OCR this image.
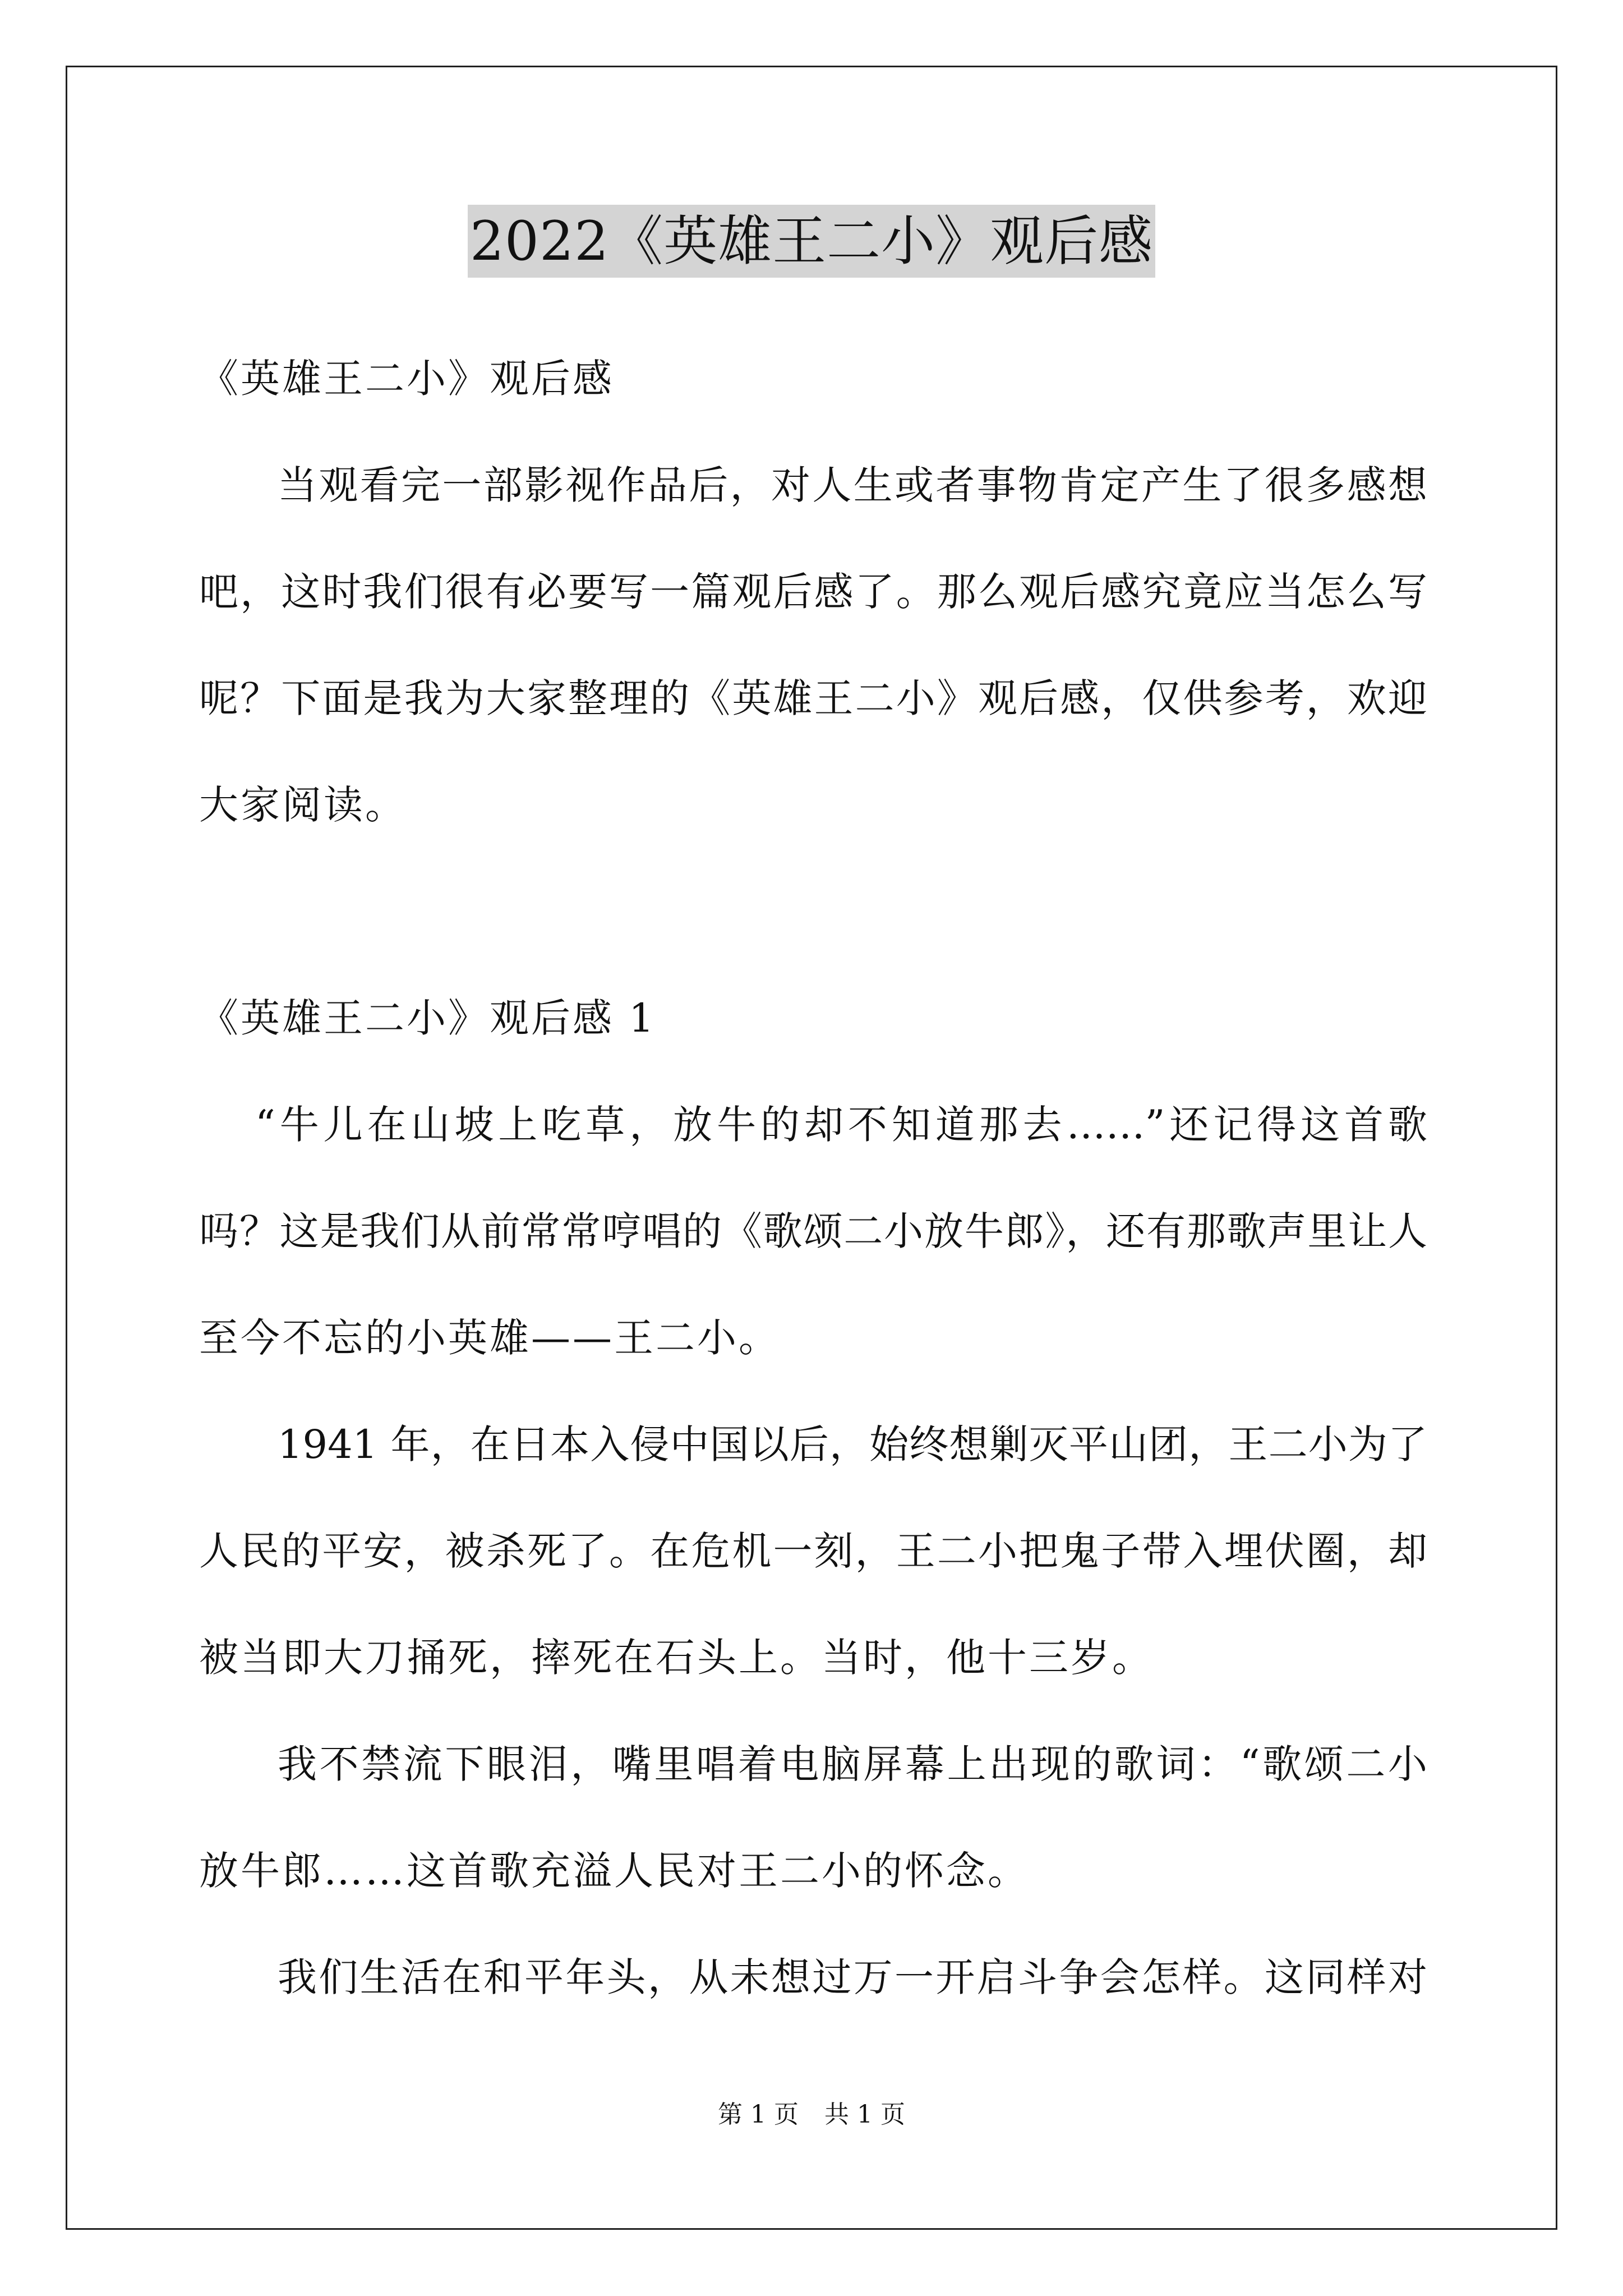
2022《英雄王二小》观后感
《英雄王二小》观后感
当观看完一部影视作品后，对人生或者事物肯定产生了很多感想
吧，这时我们很有必要写一篇观后感了。那么观后感究竟应当怎么写
呢？下面是我为大家整理的《英雄王二小》观后感，仅供参考，欢迎
大家阅读。
《英雄王二小》观后感 1
“牛儿在山坡上吃草，放牛的却不知道那去……”还记得这首歌
吗？这是我们从前常常哼唱的《歌颂二小放牛郎》，还有那歌声里让人
至今不忘的小英雄——王二小。
1941 年，在日本入侵中国以后，始终想剿灭平山团，王二小为了
人民的平安，被杀死了。在危机一刻，王二小把鬼子带入埋伏圈，却
被当即大刀捅死，摔死在石头上。当时，他十三岁。
我不禁流下眼泪，嘴里唱着电脑屏幕上出现的歌词：“歌颂二小
放牛郎……这首歌充溢人民对王二小的怀念。
我们生活在和平年头，从未想过万一开启斗争会怎样。这同样对
第 1 页 共 1 页
